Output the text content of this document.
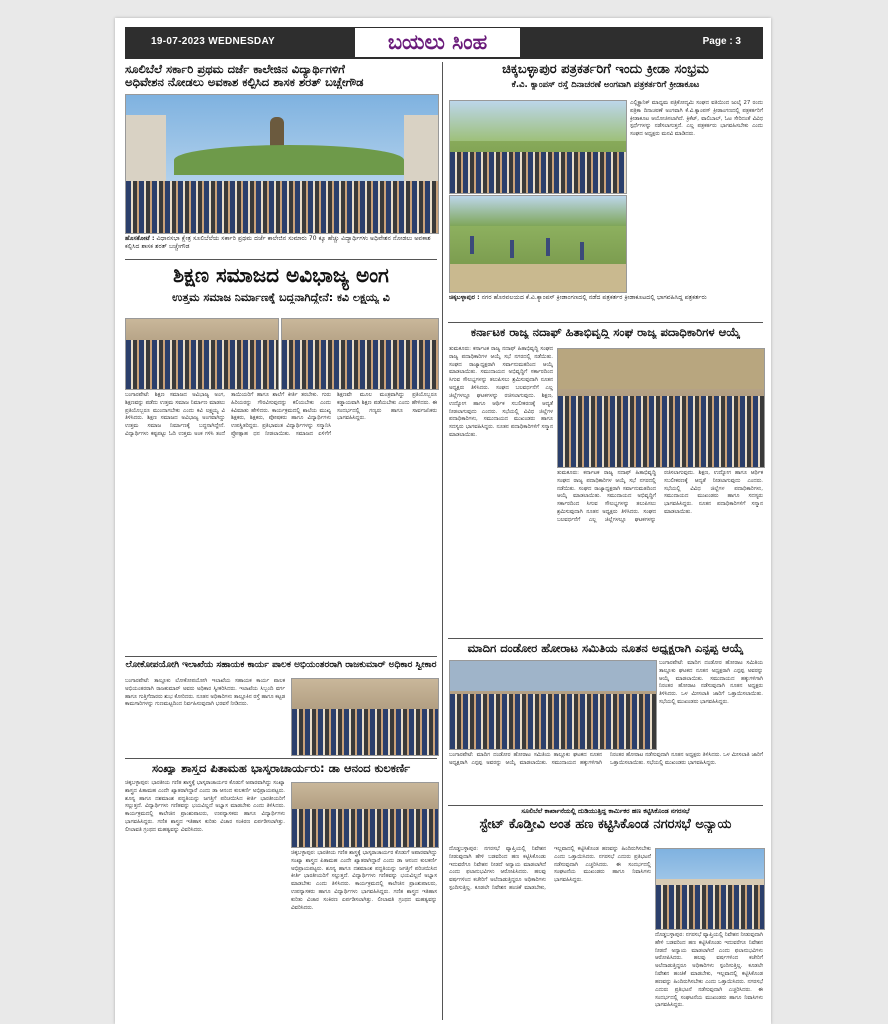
19-07-2023 WEDNESDAY	ಬಯಲು ಸಿಂಹ	Page : 3
ಸೂಲಿಬೆಲೆ ಸರ್ಕಾರಿ ಪ್ರಥಮ ದರ್ಜೆ ಕಾಲೇಜಿನ ವಿದ್ಯಾರ್ಥಿಗಳಿಗೆ
ಅಧಿವೇಶನ ನೋಡಲು ಅವಕಾಶ ಕಲ್ಪಿಸಿದ ಶಾಸಕ ಶರತ್ ಬಚ್ಚೇಗೌಡ
ಹೊಸಕೋಟೆ : ವಿಧಾನಸಭಾ ಕ್ಷೇತ್ರ ಸೂಲಿಬೆಲೆಯ ಸರ್ಕಾರಿ ಪ್ರಥಮ ದರ್ಜೆ ಕಾಲೇಜಿನ ಸುಮಾರು 70 ಕ್ಕೂ ಹೆಚ್ಚು ವಿದ್ಯಾರ್ಥಿಗಳು ಅಧಿವೇಶನ ನೋಡಲು ಅವಕಾಶ ಕಲ್ಪಿಸಿದ ಶಾಸಕ ಶರತ್ ಬಚ್ಚೇಗೌಡ
ಶಿಕ್ಷಣ ಸಮಾಜದ ಅವಿಭಾಜ್ಯ ಅಂಗ
ಉತ್ತಮ ಸಮಾಜ ನಿರ್ಮಾಣಕ್ಕೆ ಬದ್ಧನಾಗಿದ್ದೇನೆ: ಕವಿ ಲಕ್ಷ್ಮಯ್ಯ ವಿ
ಬಂಗಾರಪೇಟೆ: ಶಿಕ್ಷಣ ಸಮಾಜದ ಅವಿಭಾಜ್ಯ ಅಂಗ, ಶಿಕ್ಷಣವನ್ನು ಪಡೆದು ಉತ್ತಮ ಸಮಾಜ ನಿರ್ಮಾಣ ಮಾಡಲು ಪ್ರತಿಯೊಬ್ಬರೂ ಮುಂದಾಗಬೇಕು ಎಂದು ಕವಿ ಲಕ್ಷ್ಮಯ್ಯ ವಿ ತಿಳಿಸಿದರು. ಶಿಕ್ಷಣ ಸಮಾಜದ ಅವಿಭಾಜ್ಯ ಅಂಗವಾಗಿದ್ದು ಉತ್ತಮ ಸಮಾಜ ನಿರ್ಮಾಣಕ್ಕೆ ಬದ್ಧನಾಗಿದ್ದೇನೆ. ವಿದ್ಯಾರ್ಥಿಗಳು ಕಷ್ಟಪಟ್ಟು ಓದಿ ಉತ್ತಮ ಅಂಕ ಗಳಿಸಿ ತಂದೆ ತಾಯಿಯರಿಗೆ ಹಾಗೂ ಶಾಲೆಗೆ ಕೀರ್ತಿ ತರಬೇಕು. ಗುರು ಹಿರಿಯರನ್ನು ಗೌರವಿಸುವುದನ್ನು ಕಲಿಯಬೇಕು ಎಂದು ಕಿವಿಮಾತು ಹೇಳಿದರು. ಕಾರ್ಯಕ್ರಮದಲ್ಲಿ ಶಾಲೆಯ ಮುಖ್ಯ ಶಿಕ್ಷಕರು, ಶಿಕ್ಷಕರು, ಪೋಷಕರು ಹಾಗೂ ವಿದ್ಯಾರ್ಥಿಗಳು ಉಪಸ್ಥಿತರಿದ್ದರು. ಪ್ರತಿಭಾವಂತ ವಿದ್ಯಾರ್ಥಿಗಳನ್ನು ಸನ್ಮಾನಿಸಿ ಪ್ರೋತ್ಸಾಹ ಧನ ನೀಡಲಾಯಿತು. ಸಮಾಜದ ಏಳಿಗೆಗೆ ಶಿಕ್ಷಣವೇ ಮೂಲ ಮಂತ್ರವಾಗಿದ್ದು ಪ್ರತಿಯೊಬ್ಬರೂ ಕಡ್ಡಾಯವಾಗಿ ಶಿಕ್ಷಣ ಪಡೆಯಬೇಕು ಎಂದು ಹೇಳಿದರು. ಈ ಸಂದರ್ಭದಲ್ಲಿ ಗಣ್ಯರು ಹಾಗೂ ಸಾರ್ವಜನಿಕರು ಭಾಗವಹಿಸಿದ್ದರು.
ಲೋಕೋಪಯೋಗಿ ಇಲಾಖೆಯ ಸಹಾಯಕ ಕಾರ್ಯ ಪಾಲಕ ಅಭಿಯಂತರರಾಗಿ ರಾಜಕುಮಾರ್ ಅಧಿಕಾರ ಸ್ವೀಕಾರ
ಬಂಗಾರಪೇಟೆ: ತಾಲ್ಲೂಕು ಲೋಕೋಪಯೋಗಿ ಇಲಾಖೆಯ ಸಹಾಯಕ ಕಾರ್ಯ ಪಾಲಕ ಅಭಿಯಂತರರಾಗಿ ರಾಜಕುಮಾರ್ ಅವರು ಅಧಿಕಾರ ಸ್ವೀಕರಿಸಿದರು. ಇಲಾಖೆಯ ಸಿಬ್ಬಂದಿ ವರ್ಗ ಹಾಗೂ ಗುತ್ತಿಗೆದಾರರು ಶುಭ ಕೋರಿದರು. ನೂತನ ಅಧಿಕಾರಿಗಳು ತಾಲ್ಲೂಕಿನ ರಸ್ತೆ ಹಾಗೂ ಕಟ್ಟಡ ಕಾಮಗಾರಿಗಳನ್ನು ಗುಣಮಟ್ಟದಿಂದ ನಿರ್ವಹಿಸುವುದಾಗಿ ಭರವಸೆ ನೀಡಿದರು.
ಸಂಖ್ಯಾ ಶಾಸ್ತ್ರದ ಪಿತಾಮಹ ಭಾಸ್ಕರಾಚಾರ್ಯರು: ಡಾ ಆನಂದ ಕುಲಕರ್ಣಿ
ಚಿಕ್ಕಬಳ್ಳಾಪುರ: ಭಾರತೀಯ ಗಣಿತ ಶಾಸ್ತ್ರಕ್ಕೆ ಭಾಸ್ಕರಾಚಾರ್ಯರ ಕೊಡುಗೆ ಅಪಾರವಾಗಿದ್ದು ಸಂಖ್ಯಾ ಶಾಸ್ತ್ರದ ಪಿತಾಮಹ ಎಂದೇ ಖ್ಯಾತರಾಗಿದ್ದಾರೆ ಎಂದು ಡಾ ಆನಂದ ಕುಲಕರ್ಣಿ ಅಭಿಪ್ರಾಯಪಟ್ಟರು. ಶೂನ್ಯ ಹಾಗೂ ದಶಮಾಂಶ ಪದ್ಧತಿಯನ್ನು ಜಗತ್ತಿಗೆ ಪರಿಚಯಿಸಿದ ಕೀರ್ತಿ ಭಾರತೀಯರಿಗೆ ಸಲ್ಲುತ್ತದೆ. ವಿದ್ಯಾರ್ಥಿಗಳು ಗಣಿತವನ್ನು ಭಯವಿಲ್ಲದೆ ಅಭ್ಯಾಸ ಮಾಡಬೇಕು ಎಂದು ತಿಳಿಸಿದರು. ಕಾರ್ಯಕ್ರಮದಲ್ಲಿ ಕಾಲೇಜಿನ ಪ್ರಾಂಶುಪಾಲರು, ಉಪನ್ಯಾಸಕರು ಹಾಗೂ ವಿದ್ಯಾರ್ಥಿಗಳು ಭಾಗವಹಿಸಿದ್ದರು. ಗಣಿತ ಶಾಸ್ತ್ರದ ಇತಿಹಾಸ ಕುರಿತು ವಿಚಾರ ಸಂಕಿರಣ ಏರ್ಪಡಿಸಲಾಗಿತ್ತು. ಲೀಲಾವತಿ ಗ್ರಂಥದ ಮಹತ್ವವನ್ನು ವಿವರಿಸಿದರು.
ಚಿಕ್ಕಬಳ್ಳಾಪುರ: ಭಾರತೀಯ ಗಣಿತ ಶಾಸ್ತ್ರಕ್ಕೆ ಭಾಸ್ಕರಾಚಾರ್ಯರ ಕೊಡುಗೆ ಅಪಾರವಾಗಿದ್ದು ಸಂಖ್ಯಾ ಶಾಸ್ತ್ರದ ಪಿತಾಮಹ ಎಂದೇ ಖ್ಯಾತರಾಗಿದ್ದಾರೆ ಎಂದು ಡಾ ಆನಂದ ಕುಲಕರ್ಣಿ ಅಭಿಪ್ರಾಯಪಟ್ಟರು. ಶೂನ್ಯ ಹಾಗೂ ದಶಮಾಂಶ ಪದ್ಧತಿಯನ್ನು ಜಗತ್ತಿಗೆ ಪರಿಚಯಿಸಿದ ಕೀರ್ತಿ ಭಾರತೀಯರಿಗೆ ಸಲ್ಲುತ್ತದೆ. ವಿದ್ಯಾರ್ಥಿಗಳು ಗಣಿತವನ್ನು ಭಯವಿಲ್ಲದೆ ಅಭ್ಯಾಸ ಮಾಡಬೇಕು ಎಂದು ತಿಳಿಸಿದರು. ಕಾರ್ಯಕ್ರಮದಲ್ಲಿ ಕಾಲೇಜಿನ ಪ್ರಾಂಶುಪಾಲರು, ಉಪನ್ಯಾಸಕರು ಹಾಗೂ ವಿದ್ಯಾರ್ಥಿಗಳು ಭಾಗವಹಿಸಿದ್ದರು. ಗಣಿತ ಶಾಸ್ತ್ರದ ಇತಿಹಾಸ ಕುರಿತು ವಿಚಾರ ಸಂಕಿರಣ ಏರ್ಪಡಿಸಲಾಗಿತ್ತು. ಲೀಲಾವತಿ ಗ್ರಂಥದ ಮಹತ್ವವನ್ನು ವಿವರಿಸಿದರು.
ಚಿಕ್ಕಬಳ್ಳಾಪುರ ಪತ್ರಕರ್ತರಿಗೆ ಇಂದು ಕ್ರೀಡಾ ಸಂಭ್ರಮ
ಕೆ.ವಿ. ಕ್ಯಾಂಪಸ್ ರಸ್ತೆ ದಿನಾಚರಣೆ ಅಂಗವಾಗಿ ಪತ್ರಕರ್ತರಿಗೆ ಕ್ರೀಡಾಕೂಟ
ಎಲ್ಲಿಕ್ಟ್ರಾನಿಕ್ ಮಾಧ್ಯಮ ಪತ್ರಿಕೋದ್ಯಮಿ ಸಂಘದ ವತಿಯಿಂದ ಜುಲೈ 27 ರಂದು ಪತ್ರಿಕಾ ದಿನಾಚರಣೆ ಅಂಗವಾಗಿ ಕೆ.ವಿ.ಕ್ಯಾಂಪಸ್ ಕ್ರೀಡಾಂಗಣದಲ್ಲಿ ಪತ್ರಕರ್ತರಿಗೆ ಕ್ರೀಡಾಕೂಟ ಆಯೋಜಿಸಲಾಗಿದೆ. ಕ್ರಿಕೆಟ್, ವಾಲಿಬಾಲ್, ಓಟ ಸೇರಿದಂತೆ ವಿವಿಧ ಸ್ಪರ್ಧೆಗಳನ್ನು ನಡೆಸಲಾಗುತ್ತದೆ. ಎಲ್ಲ ಪತ್ರಕರ್ತರು ಭಾಗವಹಿಸಬೇಕು ಎಂದು ಸಂಘದ ಅಧ್ಯಕ್ಷರು ಮನವಿ ಮಾಡಿದರು.
ಚಿಕ್ಕಬಳ್ಳಾಪುರ : ನಗರ ಹೊರವಲಯದ ಕೆ.ವಿ.ಕ್ಯಾಂಪಸ್ ಕ್ರೀಡಾಂಗಣದಲ್ಲಿ ನಡೆದ ಪತ್ರಕರ್ತರ ಕ್ರೀಡಾಕೂಟದಲ್ಲಿ ಭಾಗವಹಿಸಿದ್ದ ಪತ್ರಕರ್ತರು
ಕರ್ನಾಟಕ ರಾಜ್ಯ ನದಾಫ್ ಹಿತಾಭಿವೃದ್ಧಿ ಸಂಘ ರಾಜ್ಯ ಪದಾಧಿಕಾರಿಗಳ ಆಯ್ಕೆ
ತುಮಕೂರು: ಕರ್ನಾಟಕ ರಾಜ್ಯ ನದಾಫ್ ಹಿತಾಭಿವೃದ್ಧಿ ಸಂಘದ ರಾಜ್ಯ ಪದಾಧಿಕಾರಿಗಳ ಆಯ್ಕೆ ಸಭೆ ನಗರದಲ್ಲಿ ನಡೆಯಿತು. ಸಂಘದ ರಾಜ್ಯಾಧ್ಯಕ್ಷರಾಗಿ ಸರ್ವಾನುಮತದಿಂದ ಆಯ್ಕೆ ಮಾಡಲಾಯಿತು. ಸಮುದಾಯದ ಅಭಿವೃದ್ಧಿಗೆ ಸರ್ಕಾರದಿಂದ ಸಿಗುವ ಸೌಲಭ್ಯಗಳನ್ನು ತಲುಪಿಸಲು ಶ್ರಮಿಸುವುದಾಗಿ ನೂತನ ಅಧ್ಯಕ್ಷರು ತಿಳಿಸಿದರು. ಸಂಘದ ಬಲವರ್ಧನೆಗೆ ಎಲ್ಲ ಜಿಲ್ಲೆಗಳಲ್ಲೂ ಘಟಕಗಳನ್ನು ರಚಿಸಲಾಗುವುದು. ಶಿಕ್ಷಣ, ಉದ್ಯೋಗ ಹಾಗೂ ಆರ್ಥಿಕ ಸಬಲೀಕರಣಕ್ಕೆ ಆದ್ಯತೆ ನೀಡಲಾಗುವುದು ಎಂದರು. ಸಭೆಯಲ್ಲಿ ವಿವಿಧ ಜಿಲ್ಲೆಗಳ ಪದಾಧಿಕಾರಿಗಳು, ಸಮುದಾಯದ ಮುಖಂಡರು ಹಾಗೂ ಸದಸ್ಯರು ಭಾಗವಹಿಸಿದ್ದರು. ನೂತನ ಪದಾಧಿಕಾರಿಗಳಿಗೆ ಸನ್ಮಾನ ಮಾಡಲಾಯಿತು.
ತುಮಕೂರು: ಕರ್ನಾಟಕ ರಾಜ್ಯ ನದಾಫ್ ಹಿತಾಭಿವೃದ್ಧಿ ಸಂಘದ ರಾಜ್ಯ ಪದಾಧಿಕಾರಿಗಳ ಆಯ್ಕೆ ಸಭೆ ನಗರದಲ್ಲಿ ನಡೆಯಿತು. ಸಂಘದ ರಾಜ್ಯಾಧ್ಯಕ್ಷರಾಗಿ ಸರ್ವಾನುಮತದಿಂದ ಆಯ್ಕೆ ಮಾಡಲಾಯಿತು. ಸಮುದಾಯದ ಅಭಿವೃದ್ಧಿಗೆ ಸರ್ಕಾರದಿಂದ ಸಿಗುವ ಸೌಲಭ್ಯಗಳನ್ನು ತಲುಪಿಸಲು ಶ್ರಮಿಸುವುದಾಗಿ ನೂತನ ಅಧ್ಯಕ್ಷರು ತಿಳಿಸಿದರು. ಸಂಘದ ಬಲವರ್ಧನೆಗೆ ಎಲ್ಲ ಜಿಲ್ಲೆಗಳಲ್ಲೂ ಘಟಕಗಳನ್ನು ರಚಿಸಲಾಗುವುದು. ಶಿಕ್ಷಣ, ಉದ್ಯೋಗ ಹಾಗೂ ಆರ್ಥಿಕ ಸಬಲೀಕರಣಕ್ಕೆ ಆದ್ಯತೆ ನೀಡಲಾಗುವುದು ಎಂದರು. ಸಭೆಯಲ್ಲಿ ವಿವಿಧ ಜಿಲ್ಲೆಗಳ ಪದಾಧಿಕಾರಿಗಳು, ಸಮುದಾಯದ ಮುಖಂಡರು ಹಾಗೂ ಸದಸ್ಯರು ಭಾಗವಹಿಸಿದ್ದರು. ನೂತನ ಪದಾಧಿಕಾರಿಗಳಿಗೆ ಸನ್ಮಾನ ಮಾಡಲಾಯಿತು.
ಮಾದಿಗ ದಂಡೋರ ಹೋರಾಟ ಸಮಿತಿಯ ನೂತನ ಅಧ್ಯಕ್ಷರಾಗಿ ಎನ್ಪಪ್ಪ ಆಯ್ಕೆ
ಬಂಗಾರಪೇಟೆ: ಮಾದಿಗ ದಂಡೋರ ಹೋರಾಟ ಸಮಿತಿಯ ತಾಲ್ಲೂಕು ಘಟಕದ ನೂತನ ಅಧ್ಯಕ್ಷರಾಗಿ ಎನ್ಪಪ್ಪ ಅವರನ್ನು ಆಯ್ಕೆ ಮಾಡಲಾಯಿತು. ಸಮುದಾಯದ ಹಕ್ಕುಗಳಿಗಾಗಿ ನಿರಂತರ ಹೋರಾಟ ನಡೆಸುವುದಾಗಿ ನೂತನ ಅಧ್ಯಕ್ಷರು ತಿಳಿಸಿದರು. ಒಳ ಮೀಸಲಾತಿ ಜಾರಿಗೆ ಒತ್ತಾಯಿಸಲಾಯಿತು. ಸಭೆಯಲ್ಲಿ ಮುಖಂಡರು ಭಾಗವಹಿಸಿದ್ದರು.
ಬಂಗಾರಪೇಟೆ: ಮಾದಿಗ ದಂಡೋರ ಹೋರಾಟ ಸಮಿತಿಯ ತಾಲ್ಲೂಕು ಘಟಕದ ನೂತನ ಅಧ್ಯಕ್ಷರಾಗಿ ಎನ್ಪಪ್ಪ ಅವರನ್ನು ಆಯ್ಕೆ ಮಾಡಲಾಯಿತು. ಸಮುದಾಯದ ಹಕ್ಕುಗಳಿಗಾಗಿ ನಿರಂತರ ಹೋರಾಟ ನಡೆಸುವುದಾಗಿ ನೂತನ ಅಧ್ಯಕ್ಷರು ತಿಳಿಸಿದರು. ಒಳ ಮೀಸಲಾತಿ ಜಾರಿಗೆ ಒತ್ತಾಯಿಸಲಾಯಿತು. ಸಭೆಯಲ್ಲಿ ಮುಖಂಡರು ಭಾಗವಹಿಸಿದ್ದರು.
ಸೂಲಿಬೆಲೆ ಕಾರ್ಖಾನೆಯಲ್ಲಿ ದುಡಿಯುತ್ತಿದ್ದ ಕಾರ್ಮಿಕರ ಹಣ ಕಟ್ಟಿಸಿಕೊಂಡ ನಗರಸಭೆ
ಸ್ಟೇಟ್ ಕೊಡ್ತೀವಿ ಅಂತ ಹಣ ಕಟ್ಟಿಸಿಕೊಂಡ ನಗರಸಭೆ ಅನ್ಯಾಯ
ದೊಡ್ಡಬಳ್ಳಾಪುರ: ನಗರಸಭೆ ವ್ಯಾಪ್ತಿಯಲ್ಲಿ ನಿವೇಶನ ನೀಡುವುದಾಗಿ ಹೇಳಿ ಬಡವರಿಂದ ಹಣ ಕಟ್ಟಿಸಿಕೊಂಡು ಇದುವರೆಗೂ ನಿವೇಶನ ನೀಡದೆ ಅನ್ಯಾಯ ಮಾಡಲಾಗಿದೆ ಎಂದು ಫಲಾನುಭವಿಗಳು ಆರೋಪಿಸಿದರು. ಹಲವು ವರ್ಷಗಳಿಂದ ಕಚೇರಿಗೆ ಅಲೆದಾಡುತ್ತಿದ್ದರೂ ಅಧಿಕಾರಿಗಳು ಸ್ಪಂದಿಸುತ್ತಿಲ್ಲ. ಕೂಡಲೇ ನಿವೇಶನ ಹಂಚಿಕೆ ಮಾಡಬೇಕು, ಇಲ್ಲವಾದಲ್ಲಿ ಕಟ್ಟಿಸಿಕೊಂಡ ಹಣವನ್ನು ಹಿಂದಿರುಗಿಸಬೇಕು ಎಂದು ಒತ್ತಾಯಿಸಿದರು. ನಗರಸಭೆ ಎದುರು ಪ್ರತಿಭಟನೆ ನಡೆಸುವುದಾಗಿ ಎಚ್ಚರಿಸಿದರು. ಈ ಸಂದರ್ಭದಲ್ಲಿ ಸಂಘಟನೆಯ ಮುಖಂಡರು ಹಾಗೂ ನಿವಾಸಿಗಳು ಭಾಗವಹಿಸಿದ್ದರು.
ದೊಡ್ಡಬಳ್ಳಾಪುರ: ನಗರಸಭೆ ವ್ಯಾಪ್ತಿಯಲ್ಲಿ ನಿವೇಶನ ನೀಡುವುದಾಗಿ ಹೇಳಿ ಬಡವರಿಂದ ಹಣ ಕಟ್ಟಿಸಿಕೊಂಡು ಇದುವರೆಗೂ ನಿವೇಶನ ನೀಡದೆ ಅನ್ಯಾಯ ಮಾಡಲಾಗಿದೆ ಎಂದು ಫಲಾನುಭವಿಗಳು ಆರೋಪಿಸಿದರು. ಹಲವು ವರ್ಷಗಳಿಂದ ಕಚೇರಿಗೆ ಅಲೆದಾಡುತ್ತಿದ್ದರೂ ಅಧಿಕಾರಿಗಳು ಸ್ಪಂದಿಸುತ್ತಿಲ್ಲ. ಕೂಡಲೇ ನಿವೇಶನ ಹಂಚಿಕೆ ಮಾಡಬೇಕು, ಇಲ್ಲವಾದಲ್ಲಿ ಕಟ್ಟಿಸಿಕೊಂಡ ಹಣವನ್ನು ಹಿಂದಿರುಗಿಸಬೇಕು ಎಂದು ಒತ್ತಾಯಿಸಿದರು. ನಗರಸಭೆ ಎದುರು ಪ್ರತಿಭಟನೆ ನಡೆಸುವುದಾಗಿ ಎಚ್ಚರಿಸಿದರು. ಈ ಸಂದರ್ಭದಲ್ಲಿ ಸಂಘಟನೆಯ ಮುಖಂಡರು ಹಾಗೂ ನಿವಾಸಿಗಳು ಭಾಗವಹಿಸಿದ್ದರು.
